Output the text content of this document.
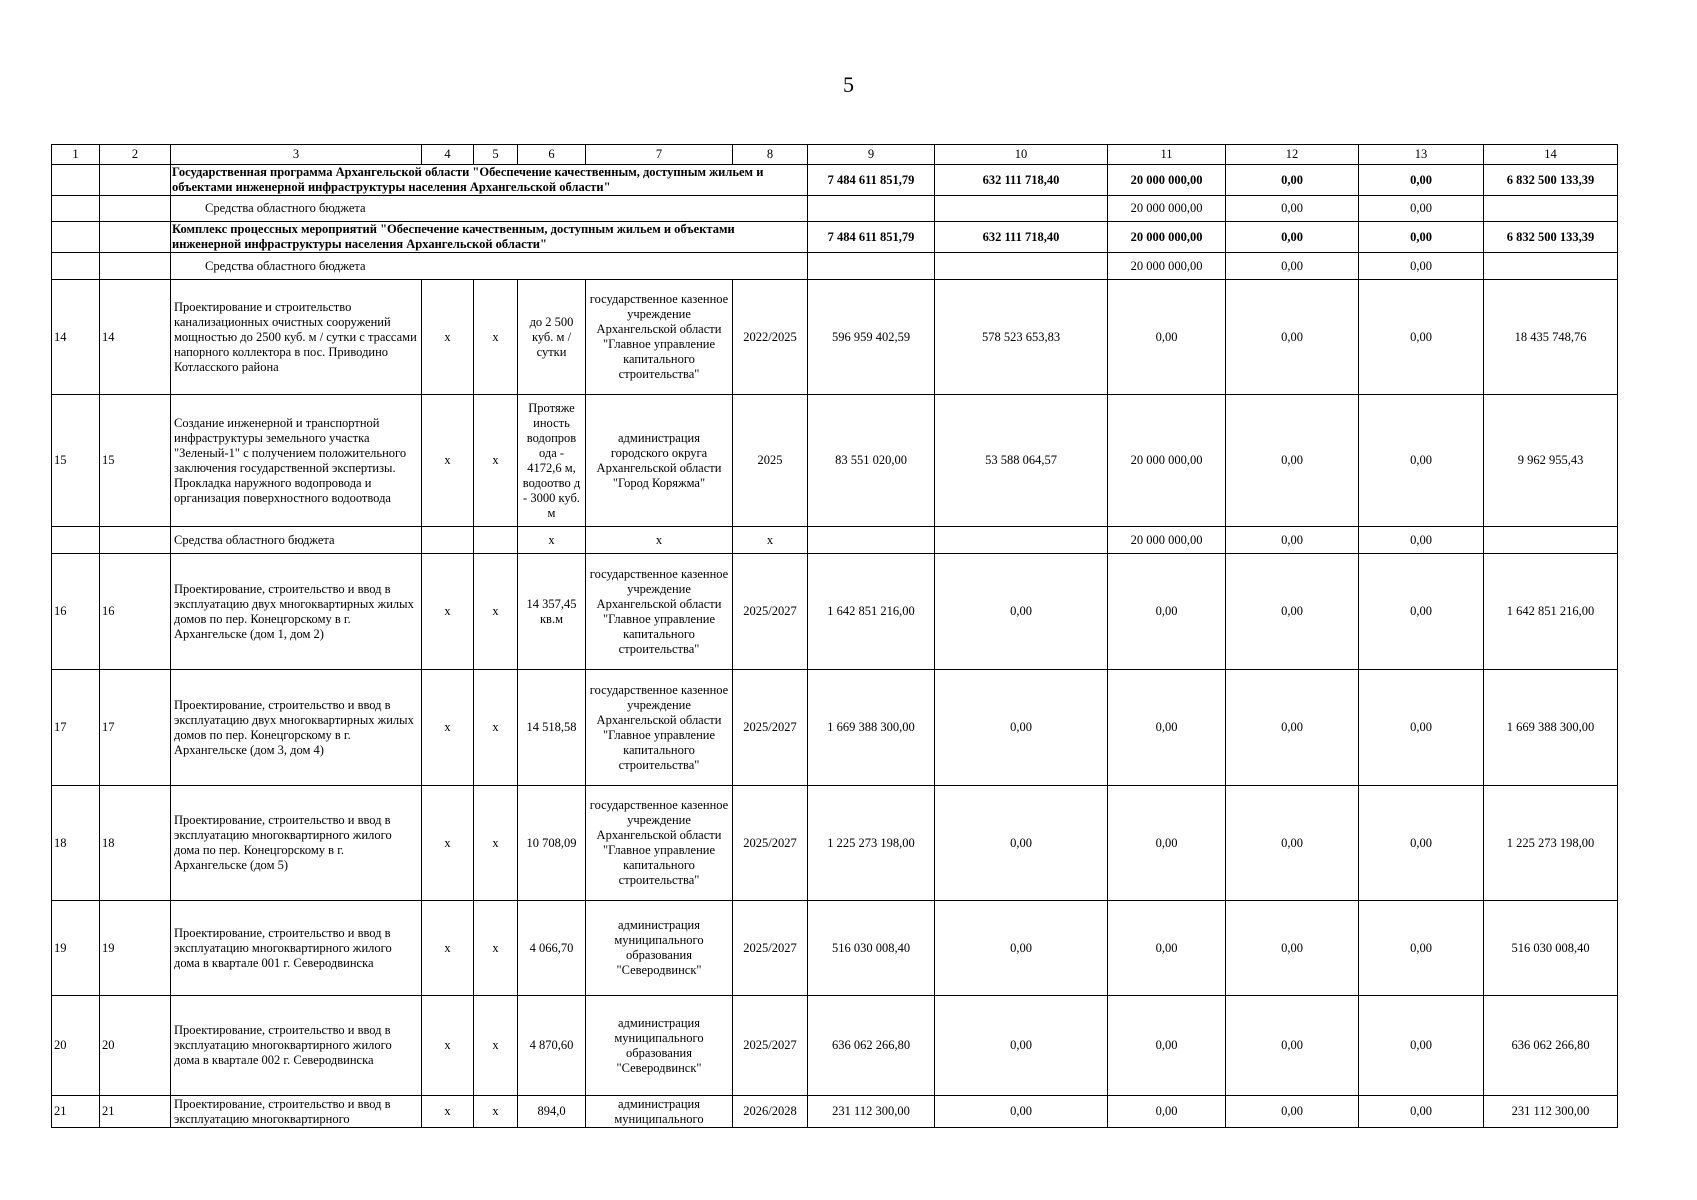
5
1	2	3	4	5	6	7	8	9	10	11	12	13	14
		Государственная программа Архангельской области "Обеспечение качественным, доступным жильем и объектами инженерной инфраструктуры населения Архангельской области"						7 484 611 851,79	632 111 718,40	20 000 000,00	0,00	0,00	6 832 500 133,39
		Средства областного бюджета								20 000 000,00	0,00	0,00	
		Комплекс процессных мероприятий "Обеспечение качественным, доступным жильем и объектами инженерной инфраструктуры населения Архангельской области"						7 484 611 851,79	632 111 718,40	20 000 000,00	0,00	0,00	6 832 500 133,39
		Средства областного бюджета								20 000 000,00	0,00	0,00	
14	14	Проектирование и строительство канализационных очистных сооружений мощностью до 2500 куб. м / сутки с трассами напорного коллектора в пос. Приводино Котласского района	х	х	до 2 500 куб. м / сутки	государственное казенное учреждение Архангельской области "Главное управление капитального строительства"	2022/2025	596 959 402,59	578 523 653,83	0,00	0,00	0,00	18 435 748,76
15	15	Создание инженерной и транспортной инфраструктуры земельного участка "Зеленый-1" с получением положительного заключения государственной экспертизы. Прокладка наружного водопровода и организация поверхностного водоотвода	х	х	Протяже иность водопров ода - 4172,6 м, водоотво д - 3000 куб. м	администрация городского округа Архангельской области "Город Коряжма"	2025	83 551 020,00	53 588 064,57	20 000 000,00	0,00	0,00	9 962 955,43
		Средства областного бюджета			х	х	х			20 000 000,00	0,00	0,00	
16	16	Проектирование, строительство и ввод в эксплуатацию двух многоквартирных жилых домов по пер. Конецгорскому в г. Архангельске (дом 1, дом 2)	х	х	14 357,45 кв.м	государственное казенное учреждение Архангельской области "Главное управление капитального строительства"	2025/2027	1 642 851 216,00	0,00	0,00	0,00	0,00	1 642 851 216,00
17	17	Проектирование, строительство и ввод в эксплуатацию двух многоквартирных жилых домов по пер. Конецгорскому в г. Архангельске (дом 3, дом 4)	х	х	14 518,58	государственное казенное учреждение Архангельской области "Главное управление капитального строительства"	2025/2027	1 669 388 300,00	0,00	0,00	0,00	0,00	1 669 388 300,00
18	18	Проектирование, строительство и ввод в эксплуатацию многоквартирного жилого дома по пер. Конецгорскому в г. Архангельске (дом 5)	х	х	10 708,09	государственное казенное учреждение Архангельской области "Главное управление капитального строительства"	2025/2027	1 225 273 198,00	0,00	0,00	0,00	0,00	1 225 273 198,00
19	19	Проектирование, строительство и ввод в эксплуатацию многоквартирного жилого дома в квартале 001 г. Северодвинска	х	х	4 066,70	администрация муниципального образования "Северодвинск"	2025/2027	516 030 008,40	0,00	0,00	0,00	0,00	516 030 008,40
20	20	Проектирование, строительство и ввод в эксплуатацию многоквартирного жилого дома в квартале 002 г. Северодвинска	х	х	4 870,60	администрация муниципального образования "Северодвинск"	2025/2027	636 062 266,80	0,00	0,00	0,00	0,00	636 062 266,80
21	21	Проектирование, строительство и ввод в эксплуатацию многоквартирного	х	х	894,0	администрация муниципального	2026/2028	231 112 300,00	0,00	0,00	0,00	0,00	231 112 300,00
